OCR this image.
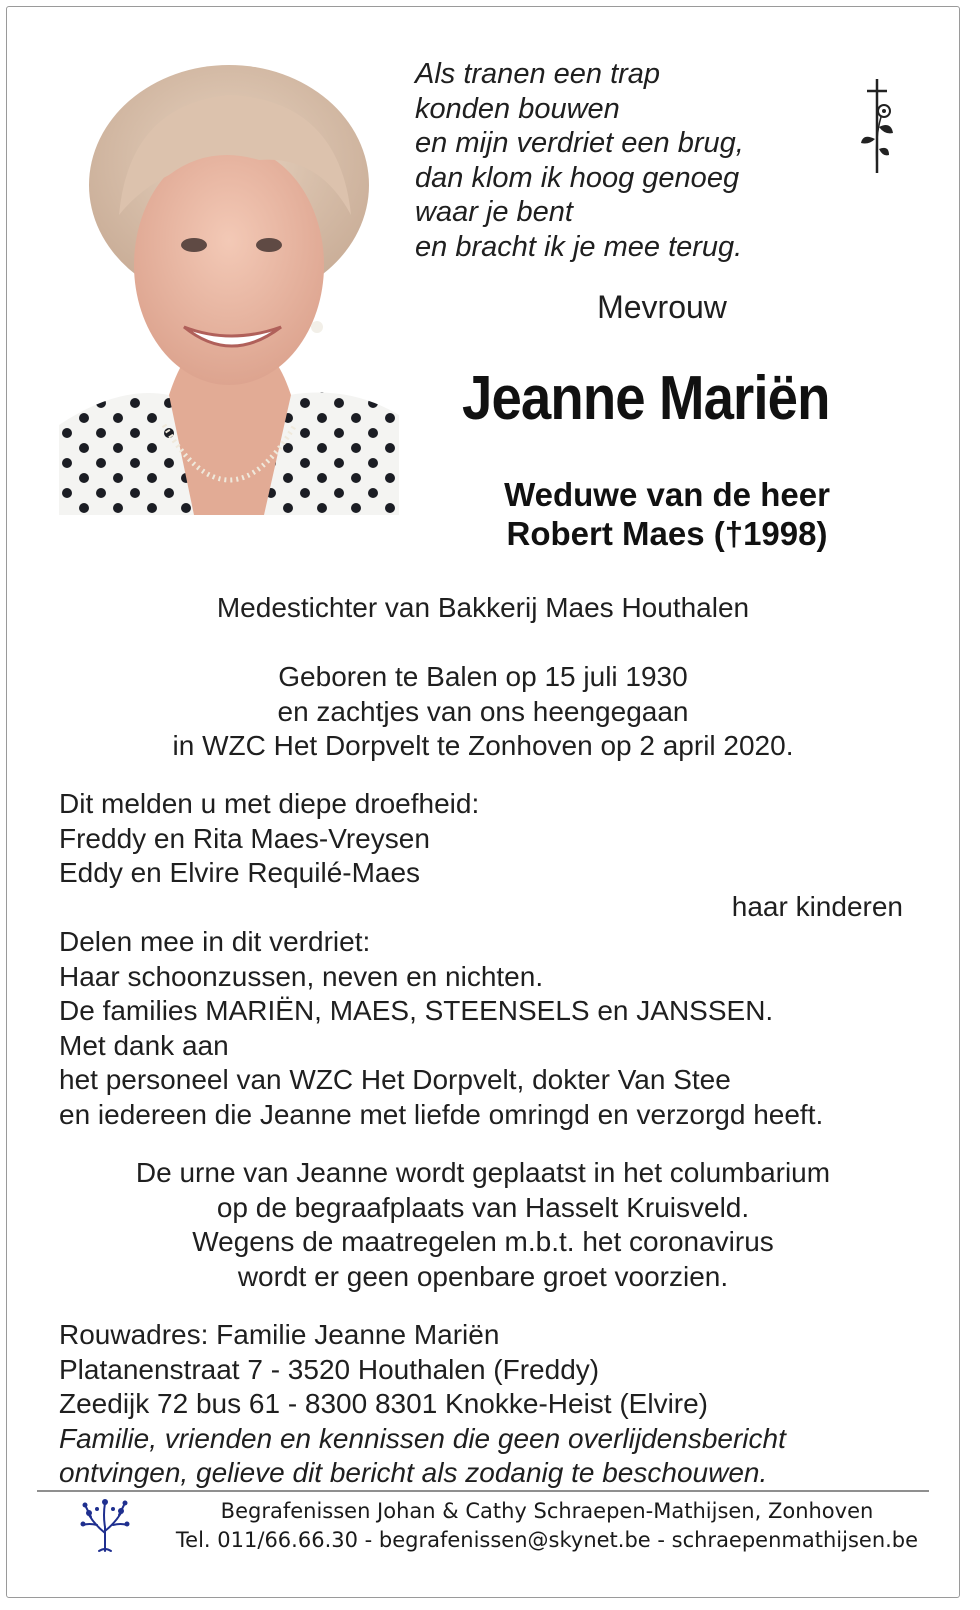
Als tranen een trap
konden bouwen
en mijn verdriet een brug,
dan klom ik hoog genoeg
waar je bent
en bracht ik je mee terug.
Mevrouw
Jeanne Mariën
Weduwe van de heer
Robert Maes (†1998)
Medestichter van Bakkerij Maes Houthalen
Geboren te Balen op 15 juli 1930
en zachtjes van ons heengegaan
in WZC Het Dorpvelt te Zonhoven op 2 april 2020.
Dit melden u met diepe droefheid:
Freddy en Rita Maes-Vreysen
Eddy en Elvire Requilé-Maes
haar kinderen
Delen mee in dit verdriet:
Haar schoonzussen, neven en nichten.
De families MARIËN, MAES, STEENSELS en JANSSEN.
Met dank aan
het personeel van WZC Het Dorpvelt, dokter Van Stee
en iedereen die Jeanne met liefde omringd en verzorgd heeft.
De urne van Jeanne wordt geplaatst in het columbarium
op de begraafplaats van Hasselt Kruisveld.
Wegens de maatregelen m.b.t. het coronavirus
wordt er geen openbare groet voorzien.
Rouwadres: Familie Jeanne Mariën
Platanenstraat 7 - 3520 Houthalen (Freddy)
Zeedijk 72 bus 61 - 8300 8301 Knokke-Heist (Elvire)
Familie, vrienden en kennissen die geen overlijdensbericht
ontvingen, gelieve dit bericht als zodanig te beschouwen.
Begrafenissen Johan & Cathy Schraepen-Mathijsen, Zonhoven
Tel. 011/66.66.30 - begrafenissen@skynet.be - schraepenmathijsen.be
